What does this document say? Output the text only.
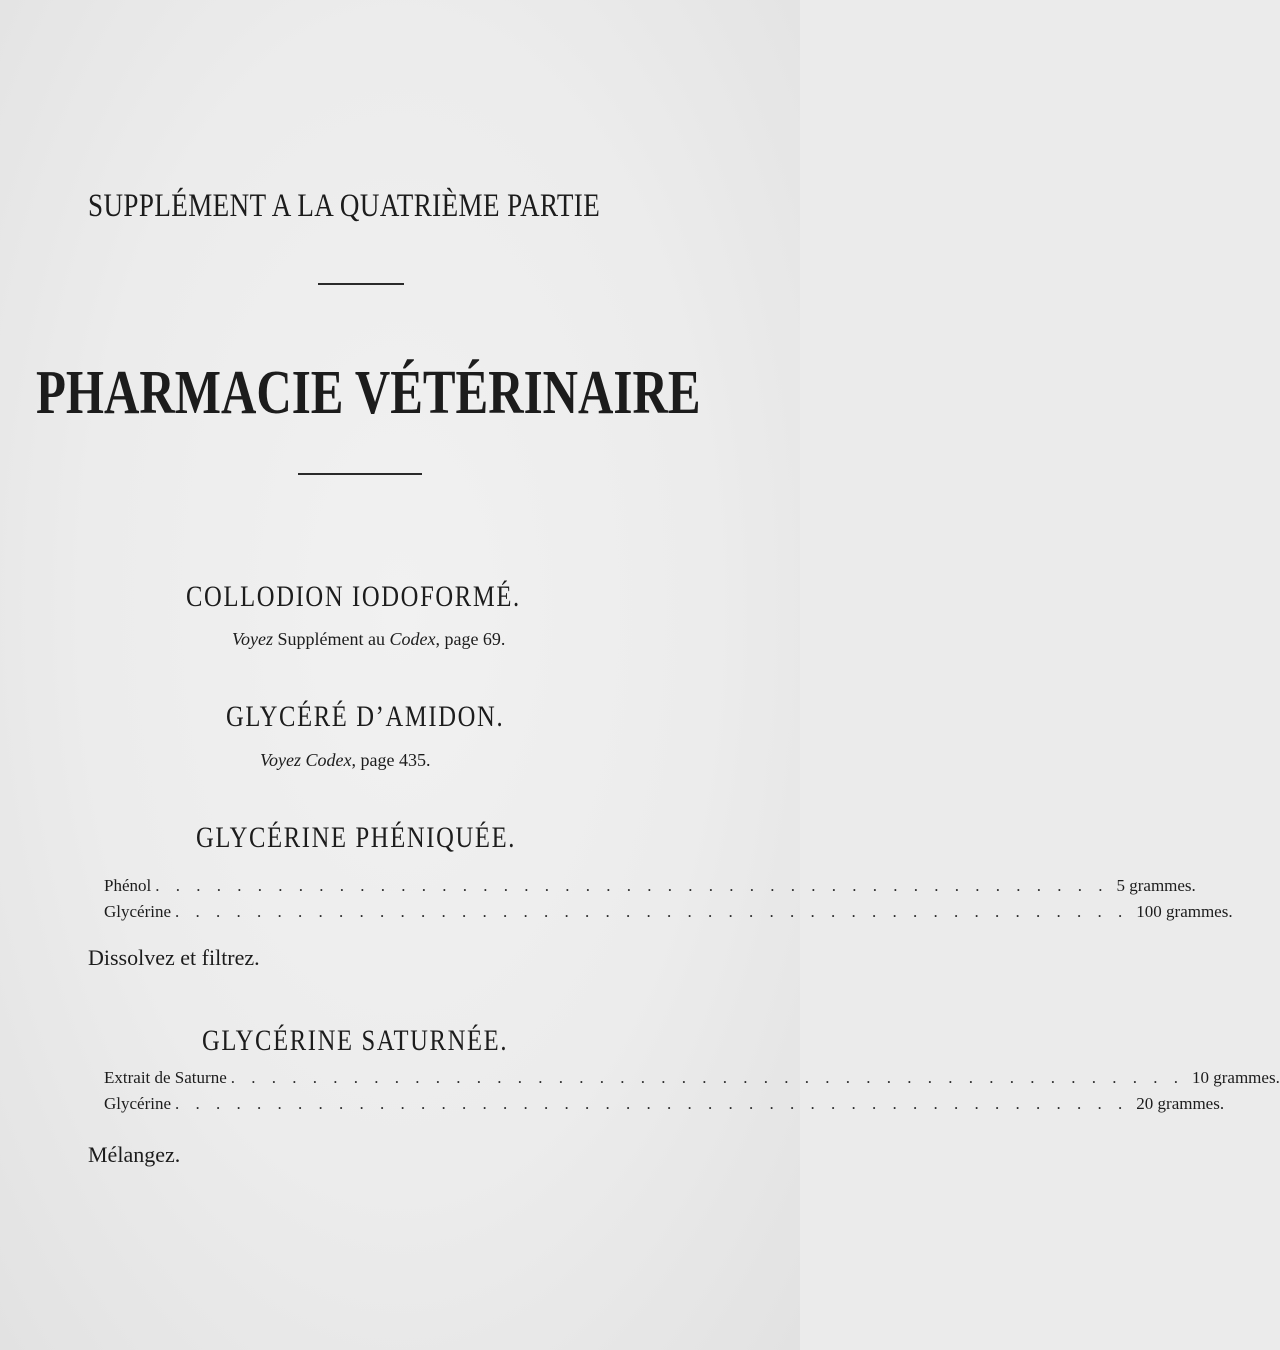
SUPPLÉMENT A LA QUATRIÈME PARTIE
PHARMACIE VÉTÉRINAIRE
COLLODION IODOFORMÉ.
Voyez Supplément au Codex, page 69.
GLYCÉRÉ D’AMIDON.
Voyez Codex, page 435.
GLYCÉRINE PHÉNIQUÉE.
Phénol . . . . . . . . . . . . . . . . . . . . . . . . . . . . . . . . . . . . . . . . . . . . . . . 5 grammes.
Glycérine . . . . . . . . . . . . . . . . . . . . . . . . . . . . . . . . . . . . . . . . . . . . . . . 100 grammes.
Dissolvez et filtrez.
GLYCÉRINE SATURNÉE.
Extrait de Saturne . . . . . . . . . . . . . . . . . . . . . . . . . . . . . . . . . . . . . . . . . . . . . . . 10 grammes.
Glycérine . . . . . . . . . . . . . . . . . . . . . . . . . . . . . . . . . . . . . . . . . . . . . . . 20 grammes.
Mélangez.
